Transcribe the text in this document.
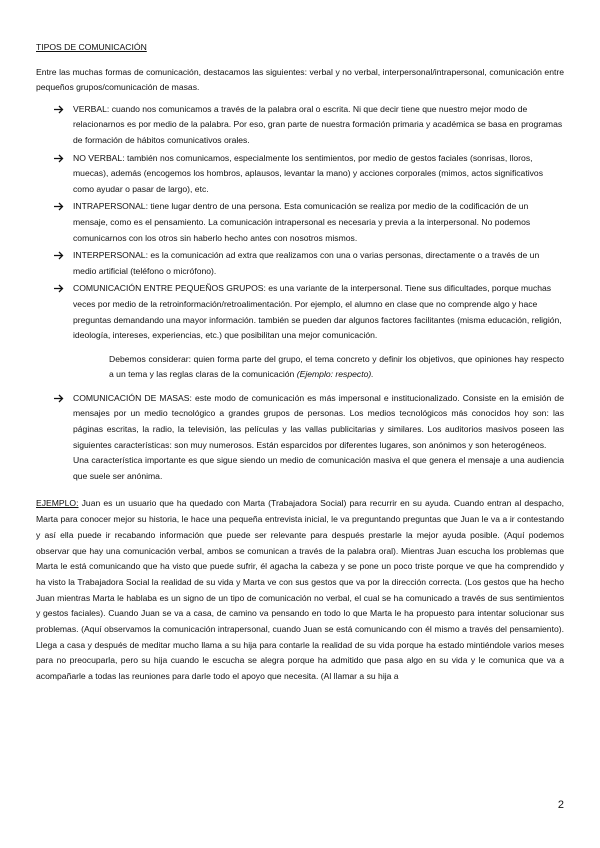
TIPOS DE COMUNICACIÓN

Entre las muchas formas de comunicación, destacamos las siguientes: verbal y no verbal, interpersonal/intrapersonal, comunicación entre pequeños grupos/comunicación de masas.

VERBAL: cuando nos comunicamos a través de la palabra oral o escrita. Ni que decir tiene que nuestro mejor modo de relacionarnos es por medio de la palabra. Por eso, gran parte de nuestra formación primaria y académica se basa en programas de formación de hábitos comunicativos orales.
NO VERBAL: también nos comunicamos, especialmente los sentimientos, por medio de gestos faciales (sonrisas, lloros, muecas), además (encogemos los hombros, aplausos, levantar la mano) y acciones corporales (mimos, actos significativos como ayudar o pasar de largo), etc.
INTRAPERSONAL: tiene lugar dentro de una persona. Esta comunicación se realiza por medio de la codificación de un mensaje, como es el pensamiento. La comunicación intrapersonal es necesaria y previa a la interpersonal. No podemos comunicarnos con los otros sin haberlo hecho antes con nosotros mismos.
INTERPERSONAL: es la comunicación ad extra que realizamos con una o varias personas, directamente o a través de un medio artificial (teléfono o micrófono).
COMUNICACIÓN ENTRE PEQUEÑOS GRUPOS: es una variante de la interpersonal. Tiene sus dificultades, porque muchas veces por medio de la retroinformación/retroalimentación. Por ejemplo, el alumno en clase que no comprende algo y hace preguntas demandando una mayor información. también se pueden dar algunos factores facilitantes (misma educación, religión, ideología, intereses, experiencias, etc.) que posibilitan una mejor comunicación.

Debemos considerar: quien forma parte del grupo, el tema concreto y definir los objetivos, que opiniones hay respecto a un tema y las reglas claras de la comunicación (Ejemplo: respecto).

COMUNICACIÓN DE MASAS: este modo de comunicación es más impersonal e institucionalizado. Consiste en la emisión de mensajes por un medio tecnológico a grandes grupos de personas. Los medios tecnológicos más conocidos hoy son: las páginas escritas, la radio, la televisión, las películas y las vallas publicitarias y similares. Los auditorios masivos poseen las siguientes características: son muy numerosos. Están esparcidos por diferentes lugares, son anónimos y son heterogéneos.

Una característica importante es que sigue siendo un medio de comunicación masiva el que genera el mensaje a una audiencia que suele ser anónima.

EJEMPLO: Juan es un usuario que ha quedado con Marta (Trabajadora Social) para recurrir en su ayuda. Cuando entran al despacho, Marta para conocer mejor su historia, le hace una pequeña entrevista inicial, le va preguntando preguntas que Juan le va a ir contestando y así ella puede ir recabando información que puede ser relevante para después prestarle la mejor ayuda posible. (Aquí podemos observar que hay una comunicación verbal, ambos se comunican a través de la palabra oral). Mientras Juan escucha los problemas que Marta le está comunicando que ha visto que puede sufrir, él agacha la cabeza y se pone un poco triste porque ve que ha comprendido y ha visto la Trabajadora Social la realidad de su vida y Marta ve con sus gestos que va por la dirección correcta. (Los gestos que ha hecho Juan mientras Marta le hablaba es un signo de un tipo de comunicación no verbal, el cual se ha comunicado a través de sus sentimientos y gestos faciales). Cuando Juan se va a casa, de camino va pensando en todo lo que Marta le ha propuesto para intentar solucionar sus problemas. (Aquí observamos la comunicación intrapersonal, cuando Juan se está comunicando con él mismo a través del pensamiento). Llega a casa y después de meditar mucho llama a su hija para contarle la realidad de su vida porque ha estado mintiéndole varios meses para no preocuparla, pero su hija cuando le escucha se alegra porque ha admitido que pasa algo en su vida y le comunica que va a acompañarle a todas las reuniones para darle todo el apoyo que necesita. (Al llamar a su hija a

2
